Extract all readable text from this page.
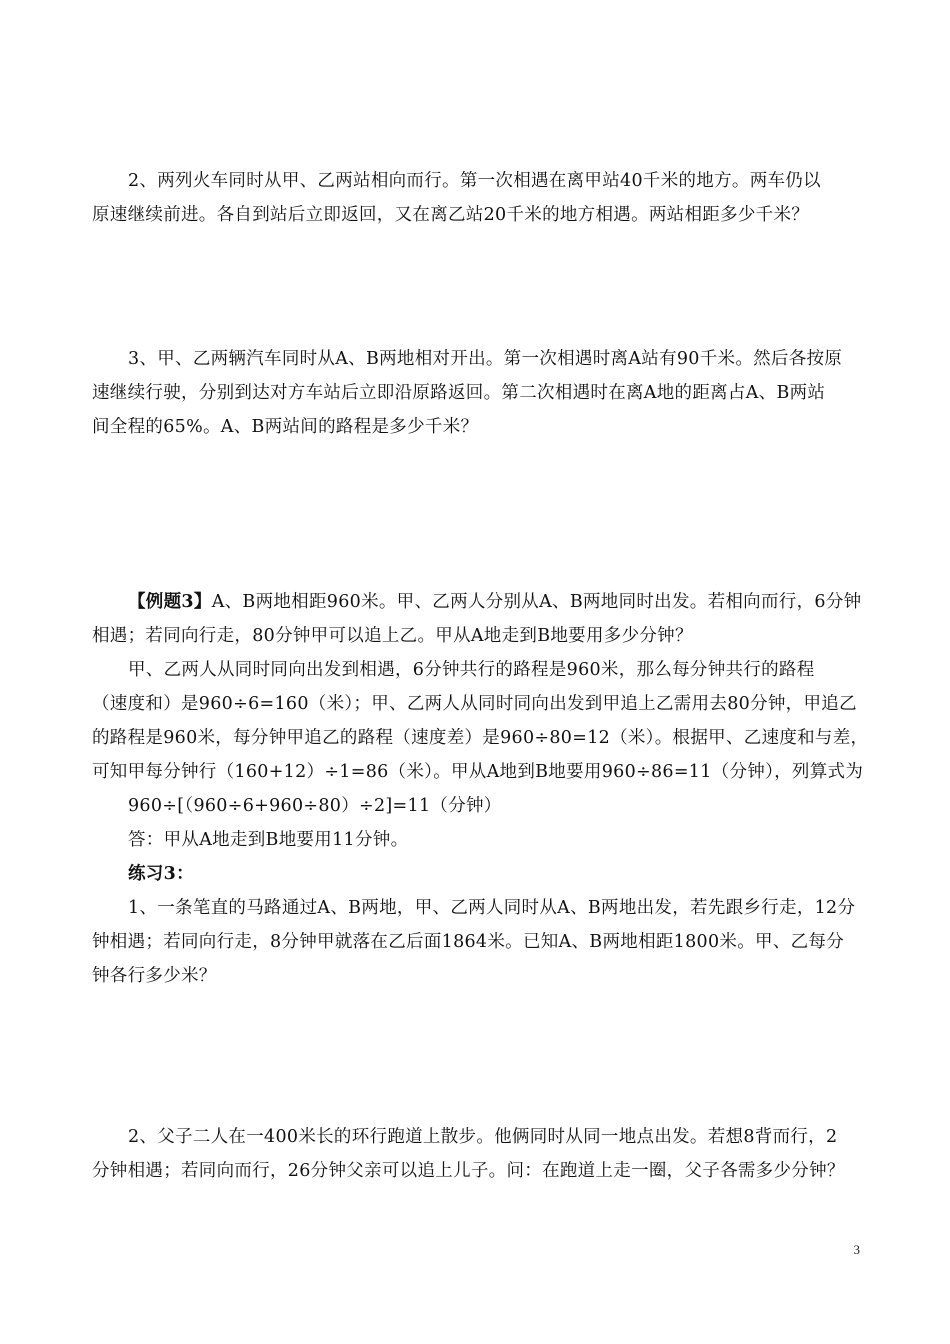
2、两列火车同时从甲、乙两站相向而行。第一次相遇在离甲站40千米的地方。两车仍以
原速继续前进。各自到站后立即返回，又在离乙站20千米的地方相遇。两站相距多少千米？
3、甲、乙两辆汽车同时从A、B两地相对开出。第一次相遇时离A站有90千米。然后各按原
速继续行驶，分别到达对方车站后立即沿原路返回。第二次相遇时在离A地的距离占A、B两站
间全程的65%。A、B两站间的路程是多少千米？
【例题3】A、B两地相距960米。甲、乙两人分别从A、B两地同时出发。若相向而行，6分钟
相遇；若同向行走，80分钟甲可以追上乙。甲从A地走到B地要用多少分钟？
甲、乙两人从同时同向出发到相遇，6分钟共行的路程是960米，那么每分钟共行的路程
（速度和）是960÷6=160（米）；甲、乙两人从同时同向出发到甲追上乙需用去80分钟，甲追乙
的路程是960米，每分钟甲追乙的路程（速度差）是960÷80=12（米）。根据甲、乙速度和与差，
可知甲每分钟行（160+12）÷1=86（米）。甲从A地到B地要用960÷86=11（分钟），列算式为
960÷[（960÷6+960÷80）÷2]=11（分钟）
答：甲从A地走到B地要用11分钟。
练习3：
1、一条笔直的马路通过A、B两地，甲、乙两人同时从A、B两地出发，若先跟乡行走，12分
钟相遇；若同向行走，8分钟甲就落在乙后面1864米。已知A、B两地相距1800米。甲、乙每分
钟各行多少米？
2、父子二人在一400米长的环行跑道上散步。他俩同时从同一地点出发。若想8背而行，2
分钟相遇；若同向而行，26分钟父亲可以追上儿子。问：在跑道上走一圈，父子各需多少分钟？
3
